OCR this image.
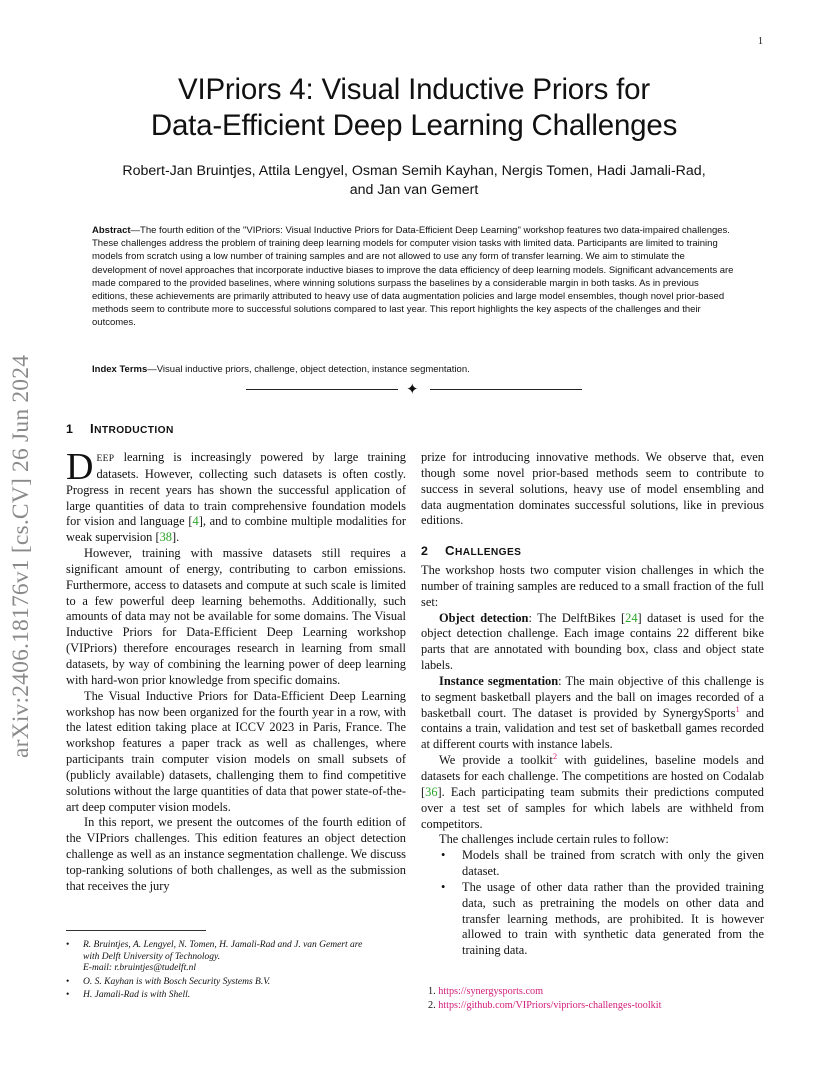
1
arXiv:2406.18176v1 [cs.CV] 26 Jun 2024
VIPriors 4: Visual Inductive Priors for
Data-Efficient Deep Learning Challenges

Robert-Jan Bruintjes, Attila Lengyel, Osman Semih Kayhan, Nergis Tomen, Hadi Jamali-Rad,
and Jan van Gemert

Abstract—The fourth edition of the "VIPriors: Visual Inductive Priors for Data-Efficient Deep Learning" workshop features two data-impaired challenges. These challenges address the problem of training deep learning models for computer vision tasks with limited data. Participants are limited to training models from scratch using a low number of training samples and are not allowed to use any form of transfer learning. We aim to stimulate the development of novel approaches that incorporate inductive biases to improve the data efficiency of deep learning models. Significant advancements are made compared to the provided baselines, where winning solutions surpass the baselines by a considerable margin in both tasks. As in previous editions, these achievements are primarily attributed to heavy use of data augmentation policies and large model ensembles, though novel prior-based methods seem to contribute more to successful solutions compared to last year. This report highlights the key aspects of the challenges and their outcomes.

Index Terms—Visual inductive priors, challenge, object detection, instance segmentation.

✦
1 INTRODUCTION

DEEP learning is increasingly powered by large training datasets. However, collecting such datasets is often costly. Progress in recent years has shown the successful application of large quantities of data to train comprehensive foundation models for vision and language [4], and to combine multiple modalities for weak supervision [38].

However, training with massive datasets still requires a significant amount of energy, contributing to carbon emissions. Furthermore, access to datasets and compute at such scale is limited to a few powerful deep learning behemoths. Additionally, such amounts of data may not be available for some domains. The Visual Inductive Priors for Data-Efficient Deep Learning workshop (VIPriors) therefore encourages research in learning from small datasets, by way of combining the learning power of deep learning with hard-won prior knowledge from specific domains.

The Visual Inductive Priors for Data-Efficient Deep Learning workshop has now been organized for the fourth year in a row, with the latest edition taking place at ICCV 2023 in Paris, France. The workshop features a paper track as well as challenges, where participants train computer vision models on small subsets of (publicly available) datasets, challenging them to find competitive solutions without the large quantities of data that power state-of-the-art deep computer vision models.

In this report, we present the outcomes of the fourth edition of the VIPriors challenges. This edition features an object detection challenge as well as an instance segmentation challenge. We discuss top-ranking solutions of both challenges, as well as the submission that receives the jury

• R. Bruintjes, A. Lengyel, N. Tomen, H. Jamali-Rad and J. van Gemert are
with Delft University of Technology.
E-mail: r.bruintjes@tudelft.nl
• O. S. Kayhan is with Bosch Security Systems B.V.
• H. Jamali-Rad is with Shell.

prize for introducing innovative methods. We observe that, even though some novel prior-based methods seem to contribute to success in several solutions, heavy use of model ensembling and data augmentation dominates successful solutions, like in previous editions.

2 CHALLENGES

The workshop hosts two computer vision challenges in which the number of training samples are reduced to a small fraction of the full set:

Object detection: The DelftBikes [24] dataset is used for the object detection challenge. Each image contains 22 different bike parts that are annotated with bounding box, class and object state labels.

Instance segmentation: The main objective of this challenge is to segment basketball players and the ball on images recorded of a basketball court. The dataset is provided by SynergySports$^1$ and contains a train, validation and test set of basketball games recorded at different courts with instance labels.

We provide a toolkit$^2$ with guidelines, baseline models and datasets for each challenge. The competitions are hosted on Codalab [36]. Each participating team submits their predictions computed over a test set of samples for which labels are withheld from competitors.

The challenges include certain rules to follow:

• Models shall be trained from scratch with only the given dataset.
• The usage of other data rather than the provided training data, such as pretraining the models on other data and transfer learning methods, are prohibited. It is however allowed to train with synthetic data generated from the training data.
1. https://synergysports.com
2. https://github.com/VIPriors/vipriors-challenges-toolkit
